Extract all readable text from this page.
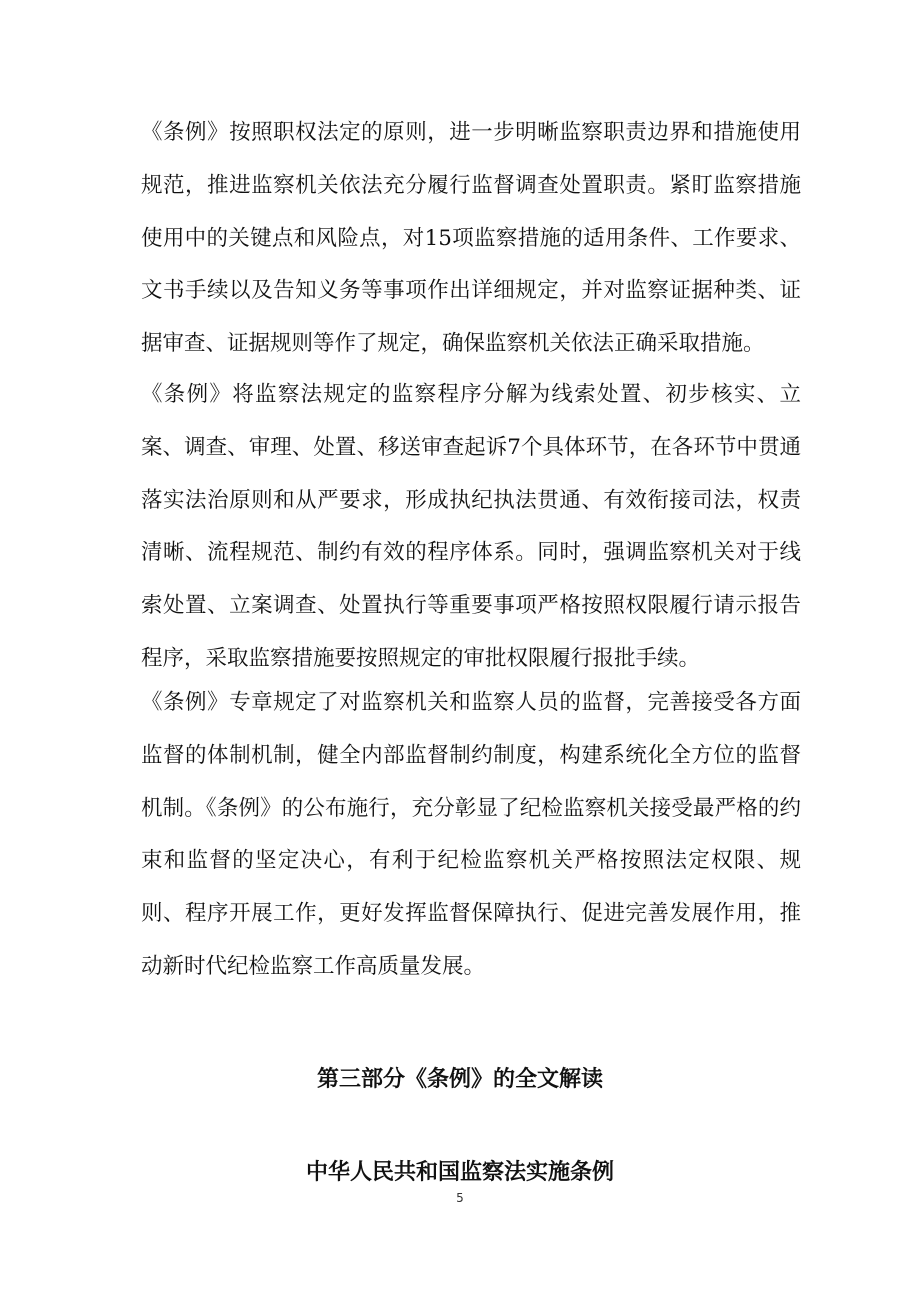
《条例》按照职权法定的原则，进一步明晰监察职责边界和措施使用规范，推进监察机关依法充分履行监督调查处置职责。紧盯监察措施使用中的关键点和风险点，对15项监察措施的适用条件、工作要求、文书手续以及告知义务等事项作出详细规定，并对监察证据种类、证据审查、证据规则等作了规定，确保监察机关依法正确采取措施。

《条例》将监察法规定的监察程序分解为线索处置、初步核实、立案、调查、审理、处置、移送审查起诉7个具体环节，在各环节中贯通落实法治原则和从严要求，形成执纪执法贯通、有效衔接司法，权责清晰、流程规范、制约有效的程序体系。同时，强调监察机关对于线索处置、立案调查、处置执行等重要事项严格按照权限履行请示报告程序，采取监察措施要按照规定的审批权限履行报批手续。

《条例》专章规定了对监察机关和监察人员的监督，完善接受各方面监督的体制机制，健全内部监督制约制度，构建系统化全方位的监督机制。《条例》的公布施行，充分彰显了纪检监察机关接受最严格的约束和监督的坚定决心，有利于纪检监察机关严格按照法定权限、规则、程序开展工作，更好发挥监督保障执行、促进完善发展作用，推动新时代纪检监察工作高质量发展。

第三部分《条例》的全文解读
中华人民共和国监察法实施条例
5
